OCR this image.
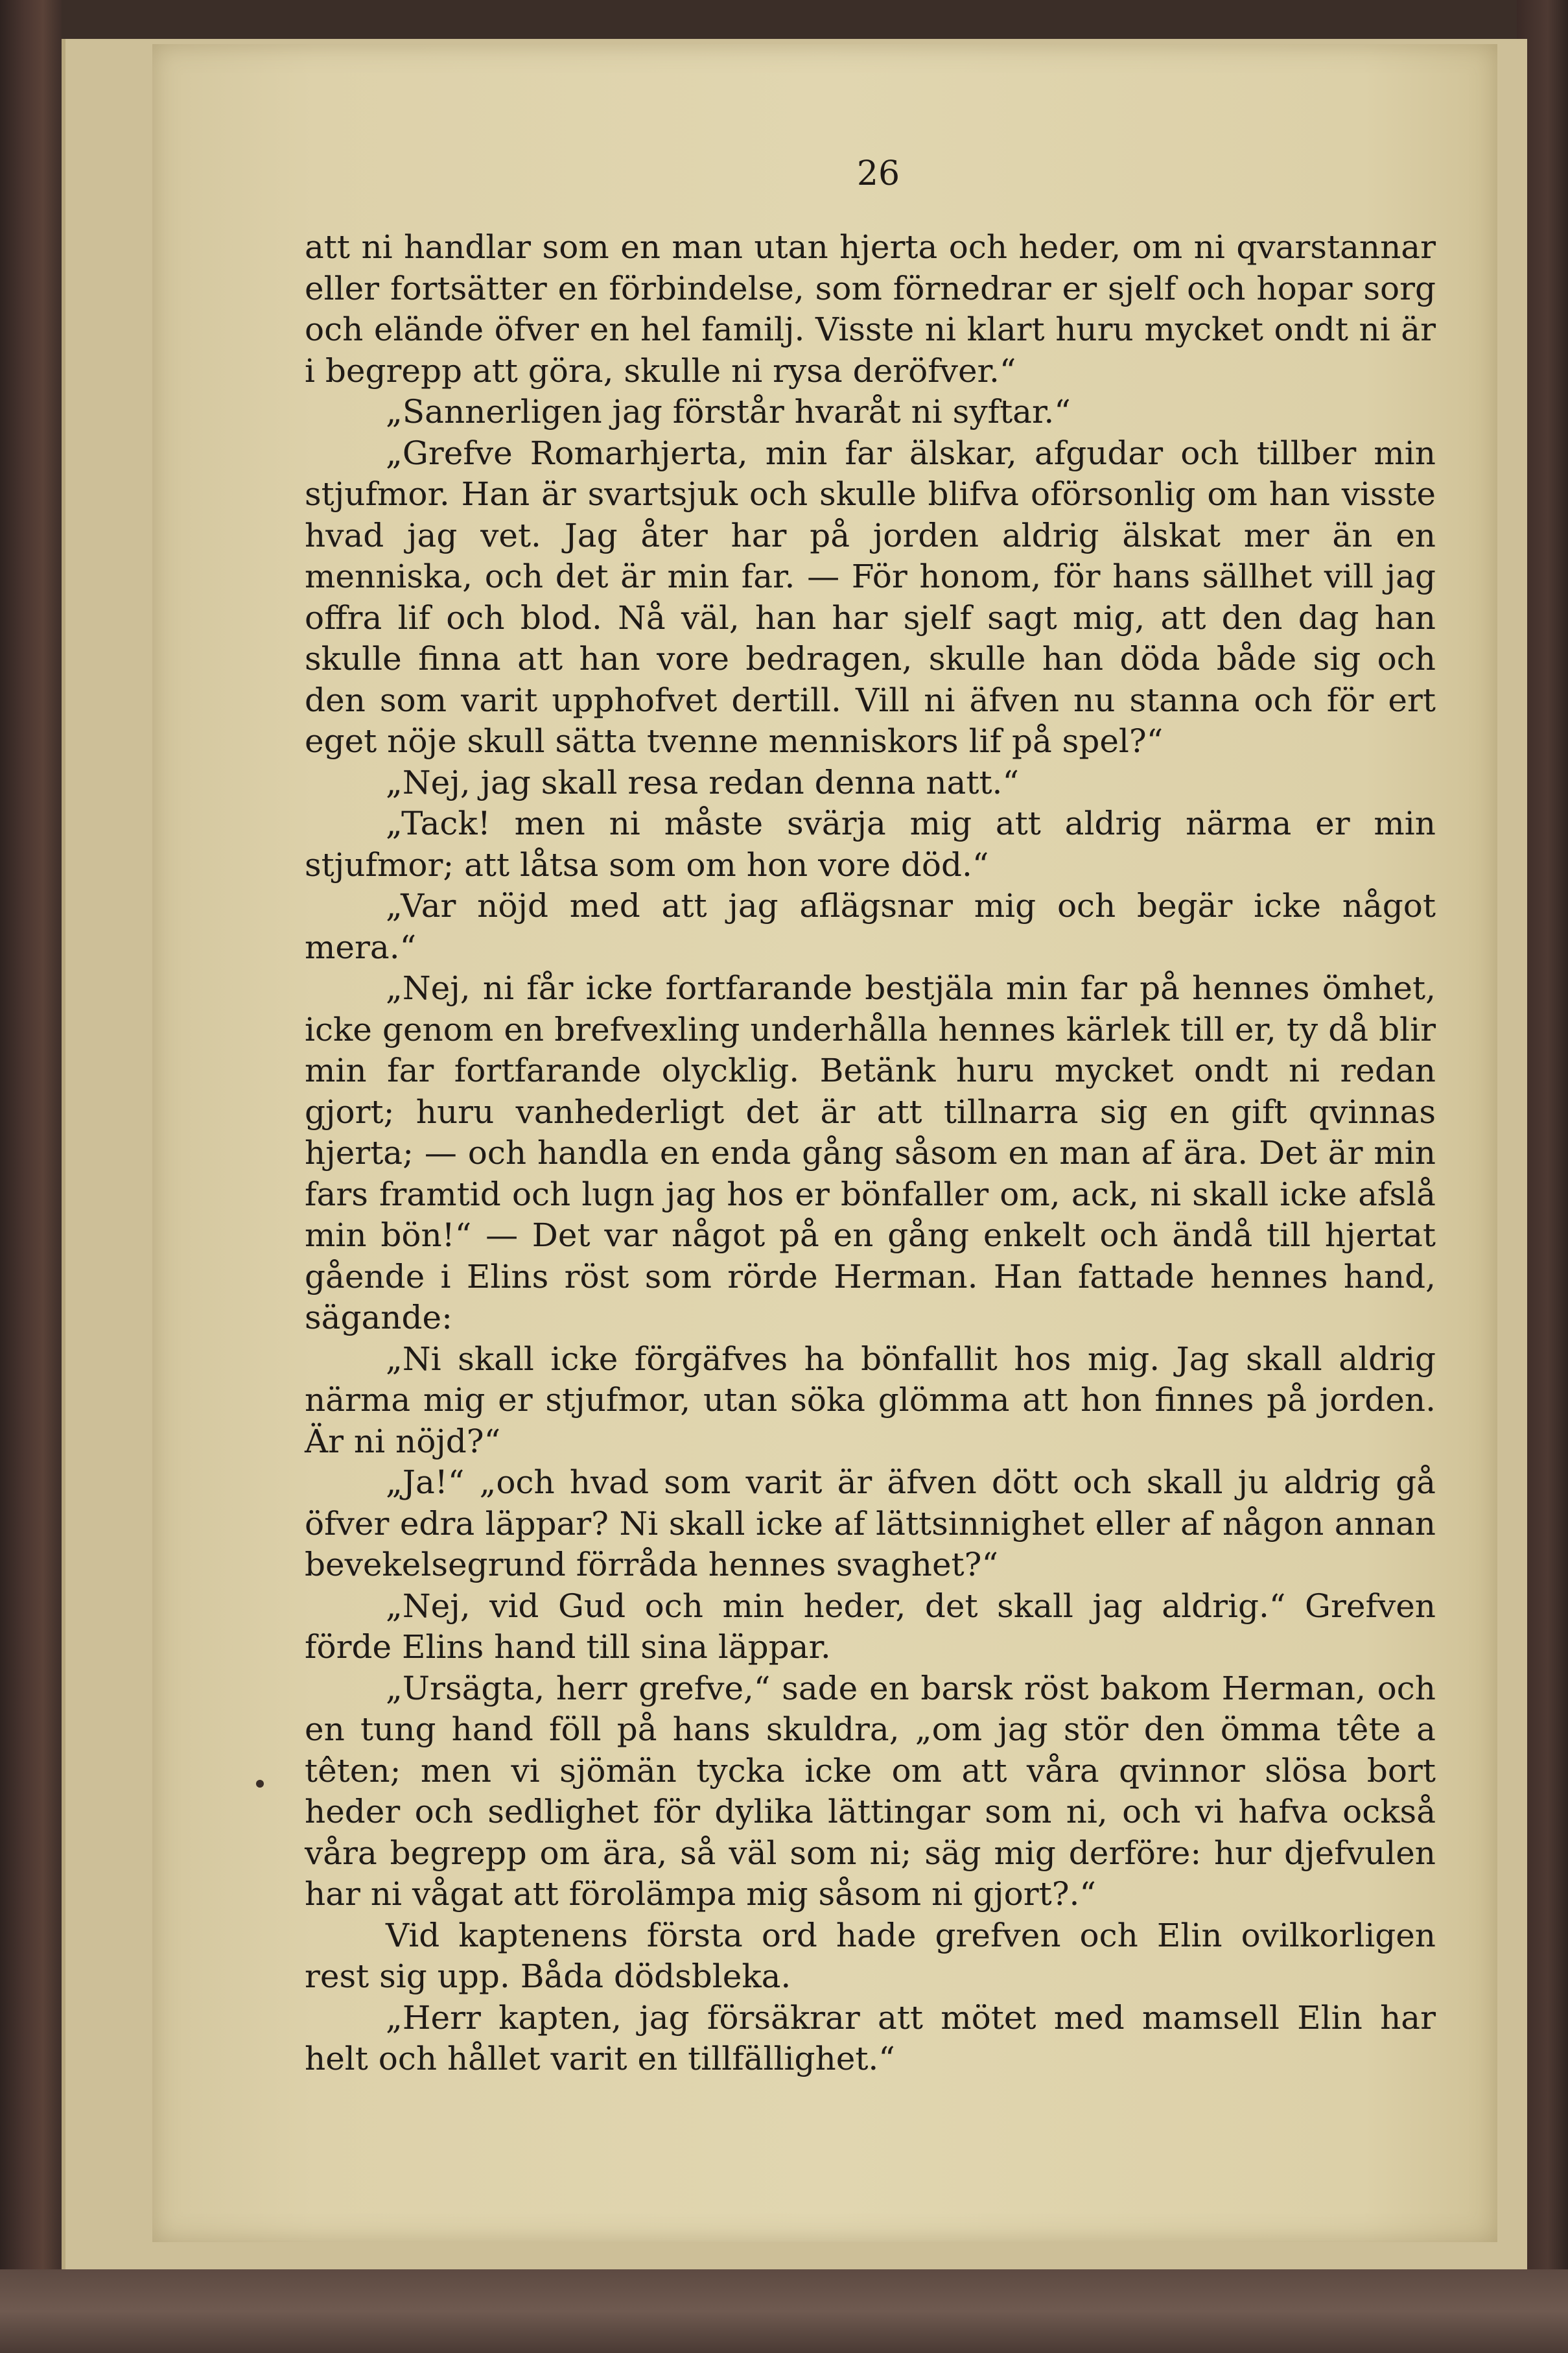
26

att ni handlar som en man utan hjerta och heder, om ni qvarstannar eller fortsätter en förbindelse, som förnedrar er sjelf och hopar sorg och elände öfver en hel familj. Visste ni klart huru mycket ondt ni är i begrepp att göra, skulle ni rysa deröfver.“

„Sannerligen jag förstår hvaråt ni syftar.“

„Grefve Romarhjerta, min far älskar, afgudar och tillber min stjufmor. Han är svartsjuk och skulle blifva oförsonlig om han visste hvad jag vet. Jag åter har på jorden aldrig älskat mer än en menniska, och det är min far. — För honom, för hans sällhet vill jag offra lif och blod. Nå väl, han har sjelf sagt mig, att den dag han skulle finna att han vore bedragen, skulle han döda både sig och den som varit upphofvet dertill. Vill ni äfven nu stanna och för ert eget nöje skull sätta tvenne menniskors lif på spel?“

„Nej, jag skall resa redan denna natt.“

„Tack! men ni måste svärja mig att aldrig närma er min stjufmor; att låtsa som om hon vore död.“

„Var nöjd med att jag aflägsnar mig och begär icke något mera.“

„Nej, ni får icke fortfarande bestjäla min far på hennes ömhet, icke genom en brefvexling underhålla hennes kärlek till er, ty då blir min far fortfarande olycklig. Betänk huru mycket ondt ni redan gjort; huru vanhederligt det är att tillnarra sig en gift qvinnas hjerta; — och handla en enda gång såsom en man af ära. Det är min fars framtid och lugn jag hos er bönfaller om, ack, ni skall icke afslå min bön!“ — Det var något på en gång enkelt och ändå till hjertat gående i Elins röst som rörde Herman. Han fattade hennes hand, sägande:

„Ni skall icke förgäfves ha bönfallit hos mig. Jag skall aldrig närma mig er stjufmor, utan söka glömma att hon finnes på jorden. Är ni nöjd?“

„Ja!“ „och hvad som varit är äfven dött och skall ju aldrig gå öfver edra läppar? Ni skall icke af lättsinnighet eller af någon annan bevekelsegrund förråda hennes svaghet?“

„Nej, vid Gud och min heder, det skall jag aldrig.“ Grefven förde Elins hand till sina läppar.

„Ursägta, herr grefve,“ sade en barsk röst bakom Herman, och en tung hand föll på hans skuldra, „om jag stör den ömma tête a têten; men vi sjömän tycka icke om att våra qvinnor slösa bort heder och sedlighet för dylika lättingar som ni, och vi hafva också våra begrepp om ära, så väl som ni; säg mig derföre: hur djefvulen har ni vågat att förolämpa mig såsom ni gjort?.“

Vid kaptenens första ord hade grefven och Elin ovilkorligen rest sig upp. Båda dödsbleka.

„Herr kapten, jag försäkrar att mötet med mamsell Elin har helt och hållet varit en tillfällighet.“
